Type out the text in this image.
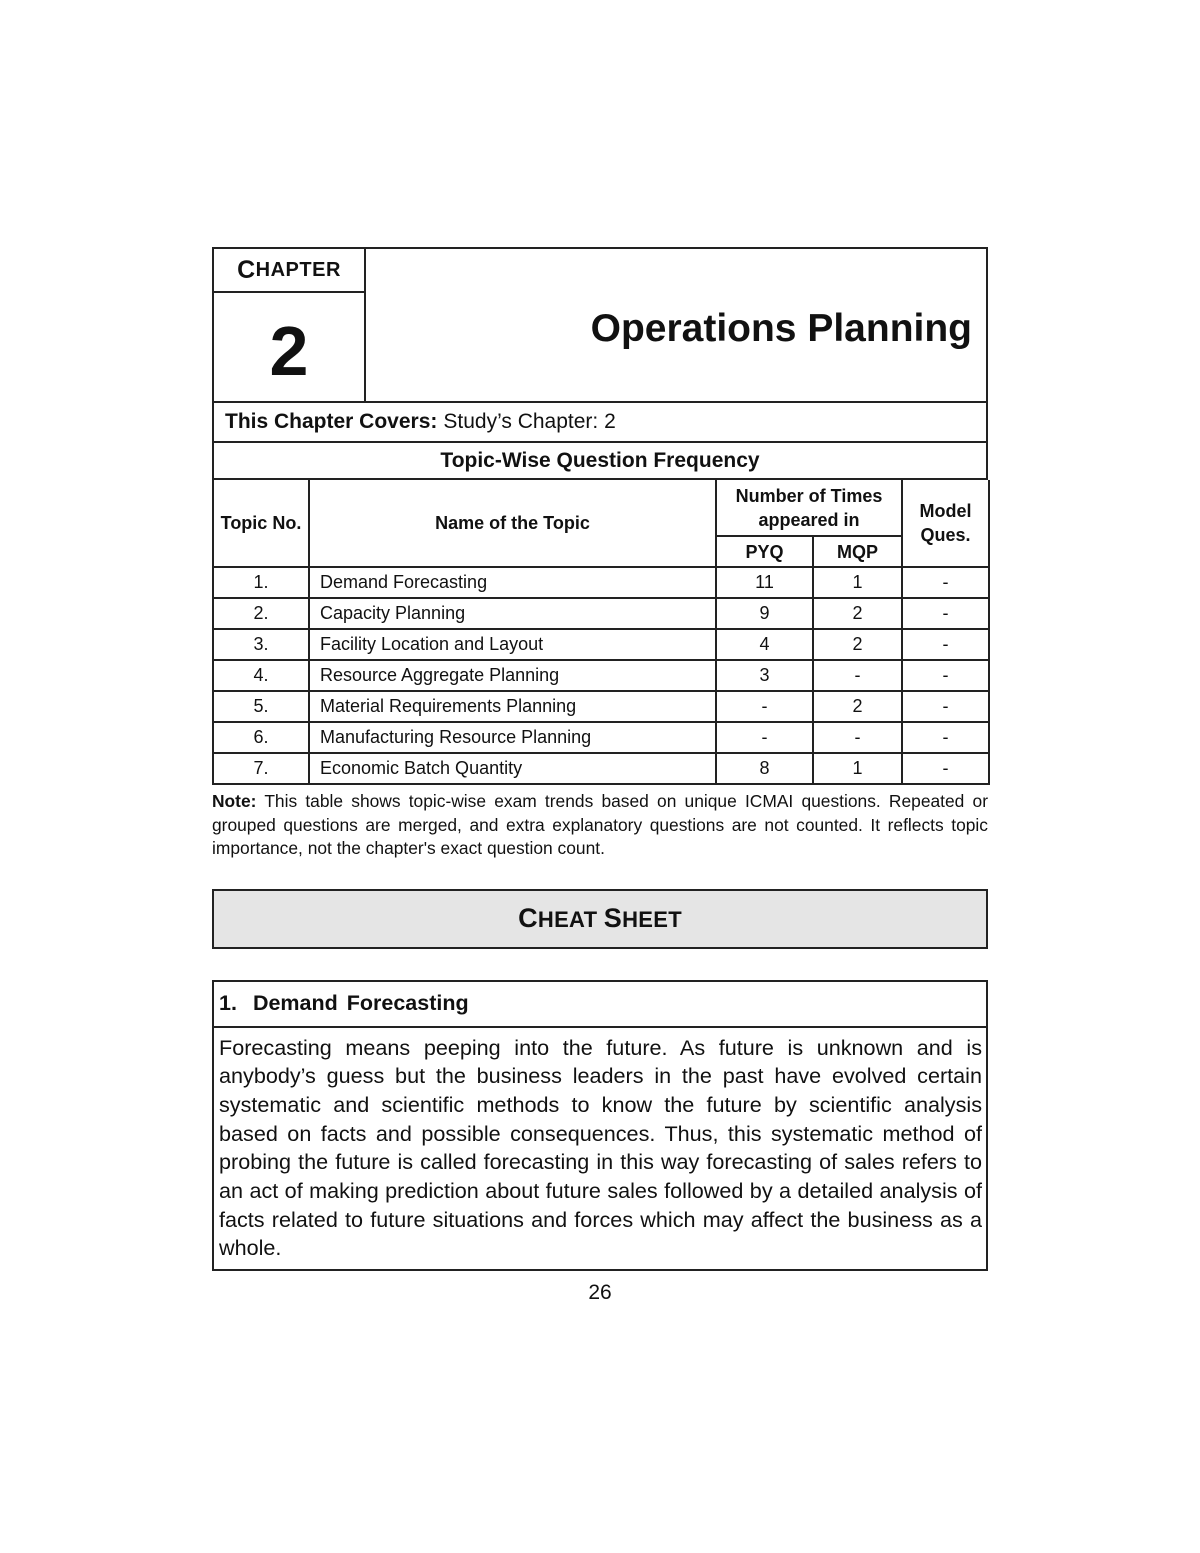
C HAPTER
2	Operations Planning
This Chapter Covers: Study’s Chapter: 2
Topic-Wise Question Frequency
Topic No.	Name of the Topic	Number of Times appeared in		Model Ques.
		PYQ	MQP	
1.	Demand Forecasting	11	1	-
2.	Capacity Planning	9	2	-
3.	Facility Location and Layout	4	2	-
4.	Resource Aggregate Planning	3	-	-
5.	Material Requirements Planning	-	2	-
6.	Manufacturing Resource Planning	-	-	-
7.	Economic Batch Quantity	8	1	-
Note: This table shows topic-wise exam trends based on unique ICMAI questions. Repeated or grouped questions are merged, and extra explanatory questions are not counted. It reflects topic importance, not the chapter's exact question count.
CHEAT SHEET
1. Demand Forecasting
Forecasting means peeping into the future. As future is unknown and is anybody’s guess but the business leaders in the past have evolved certain systematic and scientific methods to know the future by scientific analysis based on facts and possible consequences. Thus, this systematic method of probing the future is called forecasting in this way forecasting of sales refers to an act of making prediction about future sales followed by a detailed analysis of facts related to future situations and forces which may affect the business as a whole.
26
